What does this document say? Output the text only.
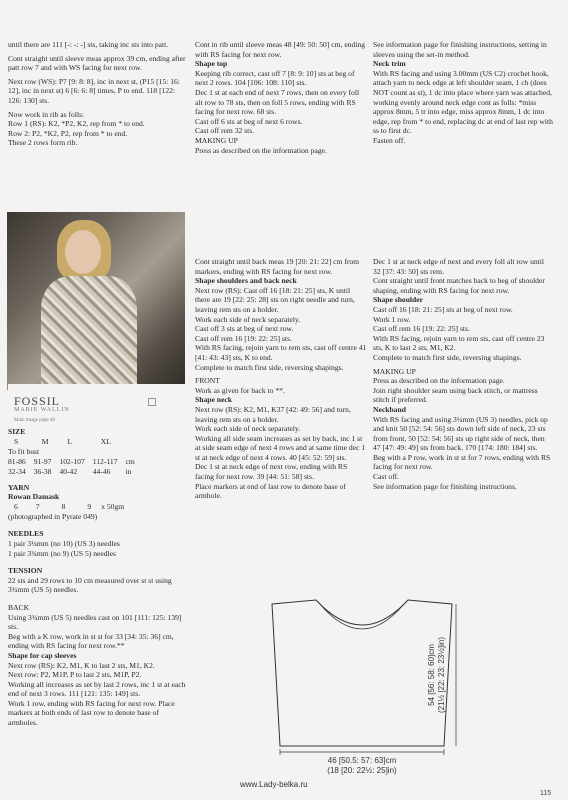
until there are 111 [-: -: -] sts, taking inc sts into patt.

Cont straight until sleeve meas approx 39 cm, ending after patt row 7 and with WS facing for next row.

Next row (WS): P7 [9: 8: 8], inc in next st, (P15 [15: 16: 12], inc in next st) 6 [6: 6: 8] times, P to end. 118 [122: 126: 130] sts.

Now work in rib as folls:

Row 1 (RS): K2, *P2, K2, rep from * to end.

Row 2: P2, *K2, P2, rep from * to end.

These 2 rows form rib.

Cont in rib until sleeve meas 48 [49: 50: 50] cm, ending with RS facing for next row.

Shape top

Keeping rib correct, cast off 7 [8: 9: 10] sts at beg of next 2 rows. 104 [106: 108: 110] sts.

Dec 1 st at each end of next 7 rows, then on every foll alt row to 78 sts, then on foll 5 rows, ending with RS facing for next row. 68 sts.

Cast off 6 sts at beg of next 6 rows.

Cast off rem 32 sts.

MAKING UP

Press as described on the information page.

See information page for finishing instructions, setting in sleeves using the set-in method.

Neck trim

With RS facing and using 3.00mm (US C2) crochet hook, attach yarn to neck edge at left shoulder seam, 1 ch (does NOT count as st), 1 dc into place where yarn was attached, working evenly around neck edge cont as folls: *miss approx 8mm, 5 tr into edge, miss approx 8mm, 1 dc into edge, rep from * to end, replacing dc at end of last rep with ss to first dc.

Fasten off.

FOSSIL
MARIE WALLIN
Main image page 48

SIZE

S	M	L	XL	
To fit bust				
81-86	91-97	102-107	112-117	cm
32-34	36-38	40-42	44-46	in

YARN

Rowan Damask

6	7	8	9	x 50gm

(photographed in Pyrate 049)

NEEDLES

1 pair 3¼mm (no 10) (US 3) needles

1 pair 3¾mm (no 9) (US 5) needles

TENSION

22 sts and 29 rows to 10 cm measured over st st using 3¾mm (US 5) needles.

BACK

Using 3¾mm (US 5) needles cast on 101 [111: 125: 139] sts.

Beg with a K row, work in st st for 33 [34: 35: 36] cm, ending with RS facing for next row.**

Shape for cap sleeves

Next row (RS): K2, M1, K to last 2 sts, M1, K2.

Next row: P2, M1P, P to last 2 sts, M1P, P2.

Working all increases as set by last 2 rows, inc 1 st at each end of next 3 rows. 111 [121: 135: 149] sts.

Work 1 row, ending with RS facing for next row. Place markers at both ends of last row to denote base of armholes.

Cont straight until back meas 19 [20: 21: 22] cm from markers, ending with RS facing for next row.

Shape shoulders and back neck

Next row (RS): Cast off 16 [18: 21: 25] sts, K until there are 19 [22: 25: 28] sts on right needle and turn, leaving rem sts on a holder.

Work each side of neck separately.

Cast off 3 sts at beg of next row.

Cast off rem 16 [19: 22: 25] sts.

With RS facing, rejoin yarn to rem sts, cast off centre 41 [41: 43: 43] sts, K to end.

Complete to match first side, reversing shapings.

FRONT

Work as given for back to **.

Shape neck

Next row (RS): K2, M1, K37 [42: 49: 56] and turn, leaving rem sts on a holder.

Work each side of neck separately.

Working all side seam increases as set by back, inc 1 st at side seam edge of next 4 rows and at same time dec 1 st at neck edge of next 4 rows. 40 [45: 52: 59] sts.

Dec 1 st at neck edge of next row, ending with RS facing for next row. 39 [44: 51: 58] sts.

Place markers at end of last row to denote base of armhole.

Dec 1 st at neck edge of next and every foll alt row until 32 [37: 43: 50] sts rem.

Cont straight until front matches back to beg of shoulder shaping, ending with RS facing for next row.

Shape shoulder

Cast off 16 [18: 21: 25] sts at beg of next row.

Work 1 row.

Cast off rem 16 [19: 22: 25] sts.

With RS facing, rejoin yarn to rem sts, cast off centre 23 sts, K to last 2 sts, M1, K2.

Complete to match first side, reversing shapings.

MAKING UP

Press as described on the information page.

Join right shoulder seam using back stitch, or mattress stitch if preferred.

Neckband

With RS facing and using 3¼mm (US 3) needles, pick up and knit 50 [52: 54: 56] sts down left side of neck, 23 sts from front, 50 [52: 54: 56] sts up right side of neck, then 47 [47: 49: 49] sts from back. 170 [174: 180: 184] sts.

Beg with a P row, work in st st for 7 rows, ending with RS facing for next row.

Cast off.

See information page for finishing instructions.

46 [50.5: 57: 63]cm
(18 [20: 22½: 25]in)
54 [56: 58: 60]cm (21½ [22: 23: 23½]in)
www.Lady-belka.ru
115
